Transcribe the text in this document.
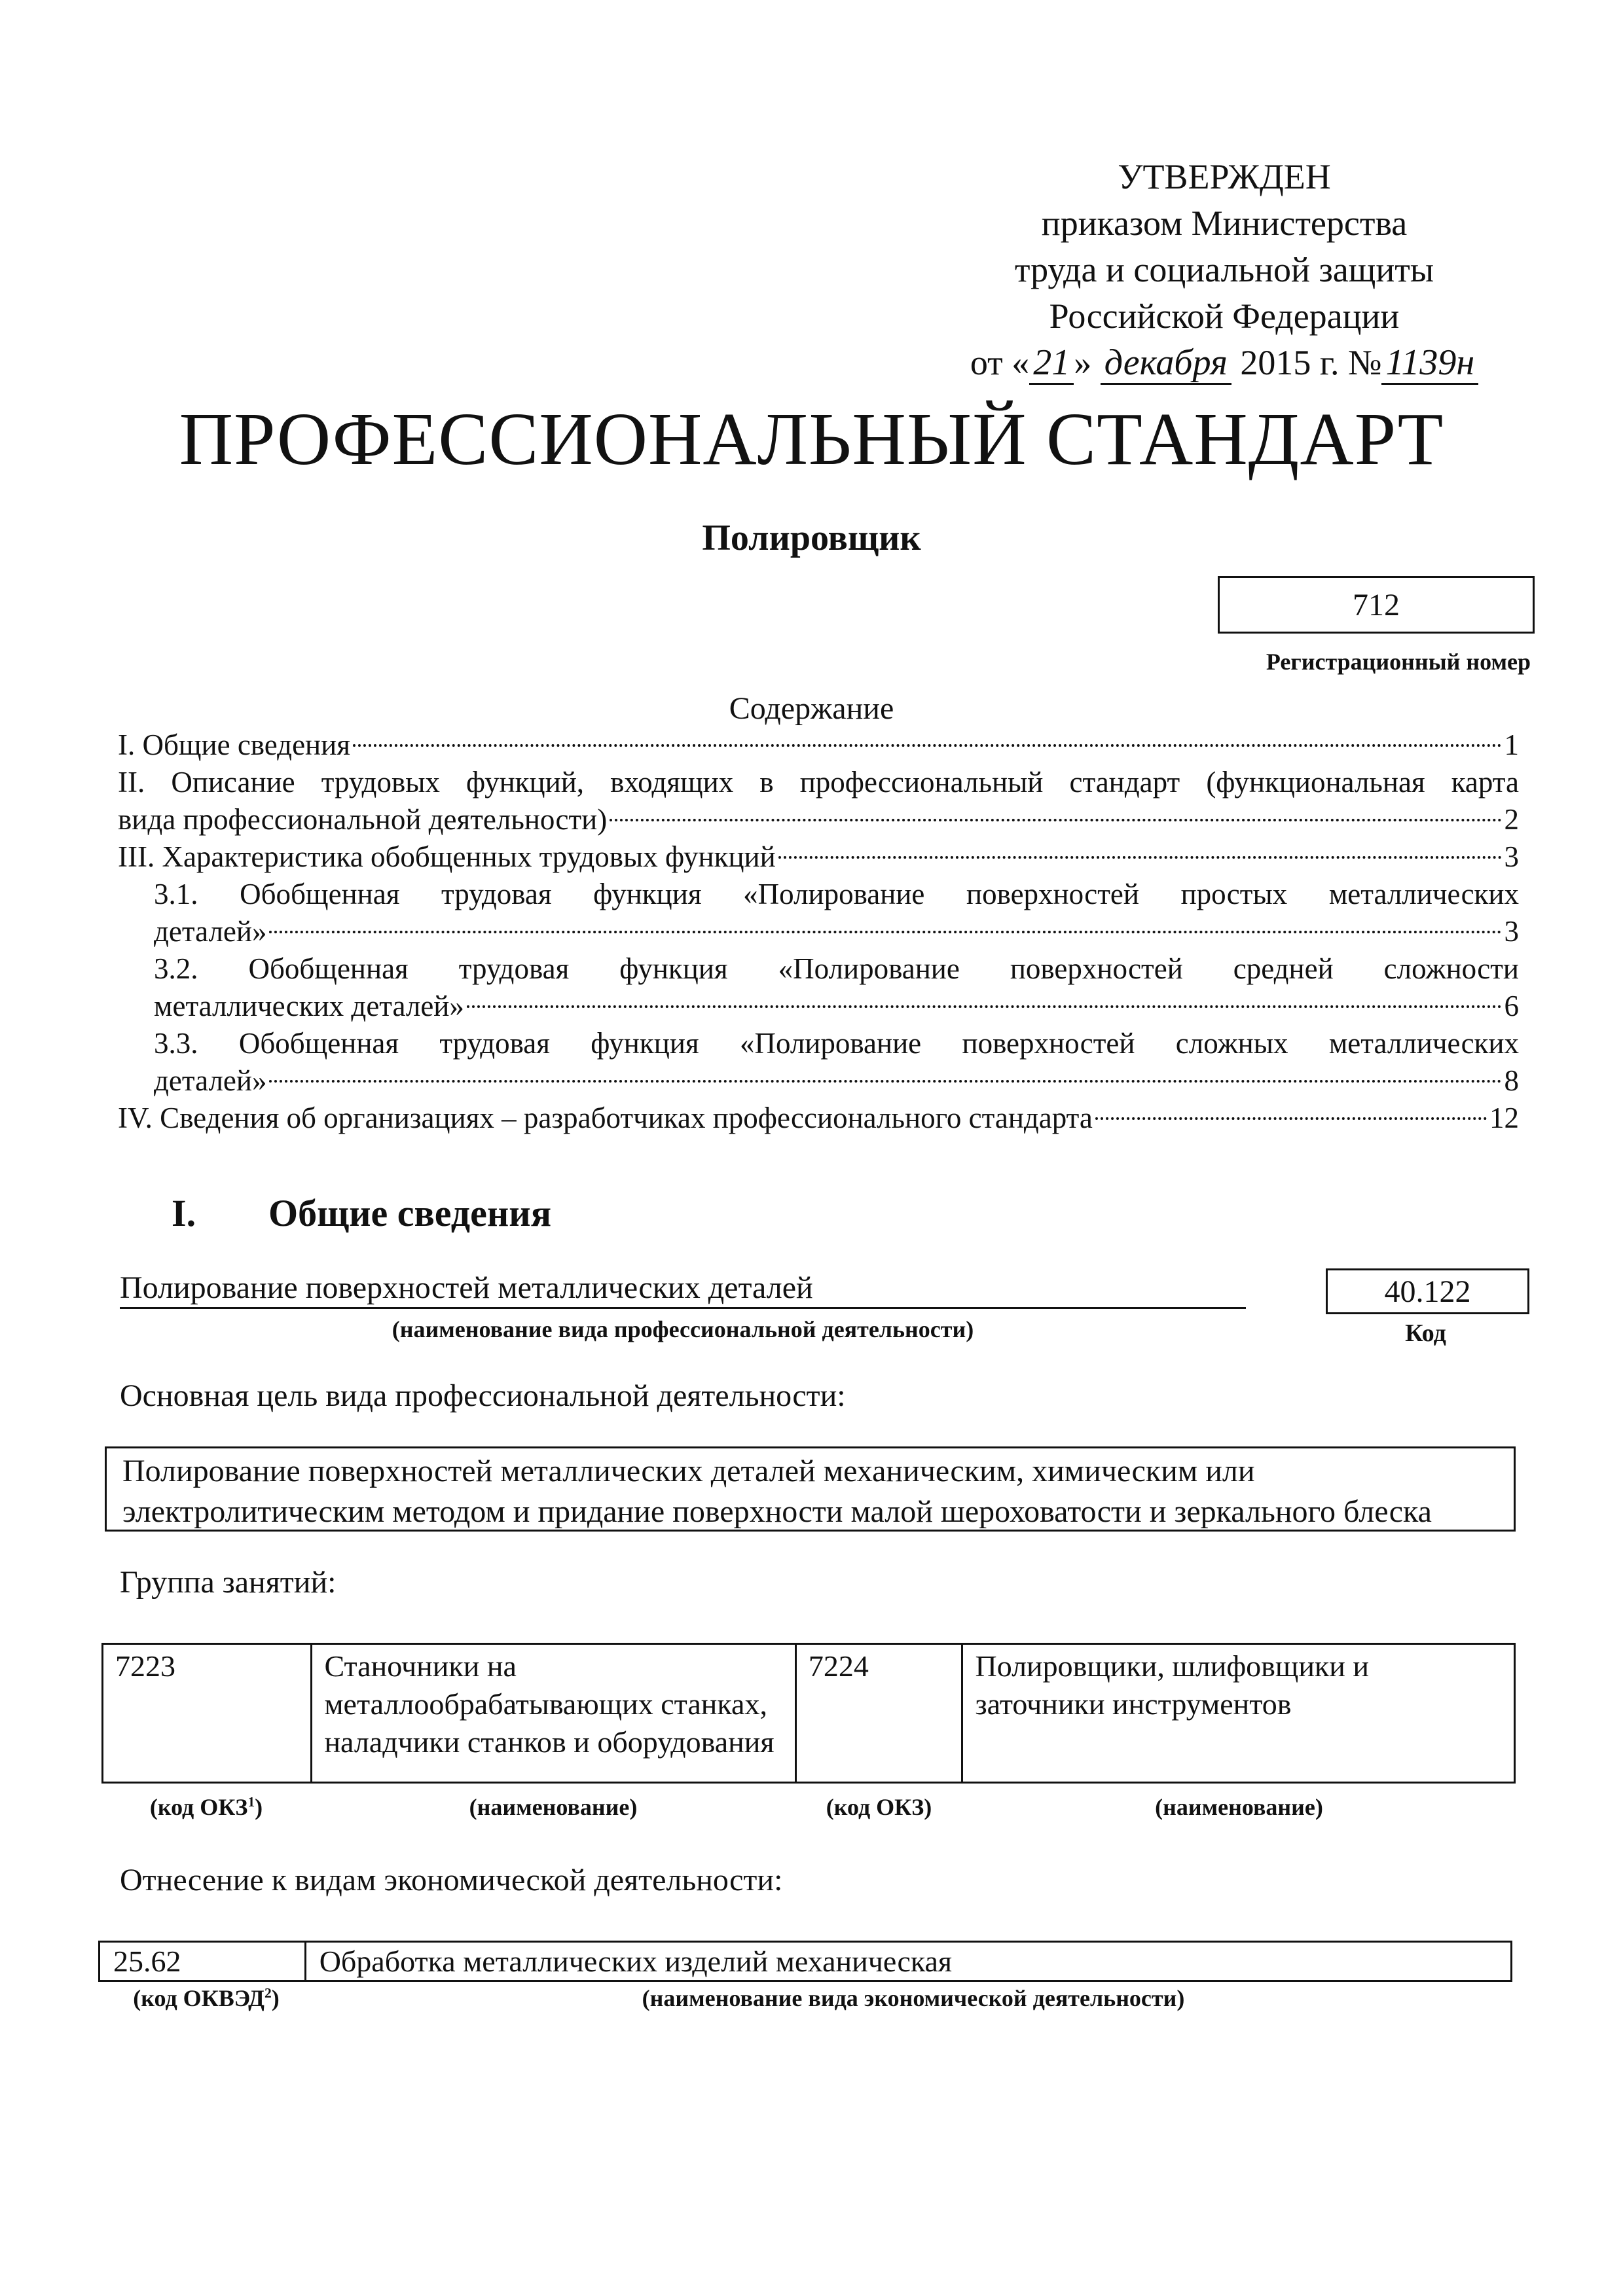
УТВЕРЖДЕН
приказом Министерства
труда и социальной защиты
Российской Федерации
от « 21 » декабря 2015 г. № 1139н
ПРОФЕССИОНАЛЬНЫЙ СТАНДАРТ
Полировщик
712
Регистрационный номер
Содержание
I. Общие сведения	1
II. Описание трудовых функций, входящих в профессиональный стандарт (функциональная карта
вида профессиональной деятельности)	2
III. Характеристика обобщенных трудовых функций	3
3.1. Обобщенная трудовая функция «Полирование поверхностей простых металлических
деталей»	3
3.2. Обобщенная трудовая функция «Полирование поверхностей средней сложности
металлических деталей»	6
3.3. Обобщенная трудовая функция «Полирование поверхностей сложных металлических
деталей»	8
IV. Сведения об организациях – разработчиках профессионального стандарта	12
I. Общие сведения
Полирование поверхностей металлических деталей
(наименование вида профессиональной деятельности)
40.122
Код
Основная цель вида профессиональной деятельности:
Полирование поверхностей металлических деталей механическим, химическим или
электролитическим методом и придание поверхности малой шероховатости и зеркального блеска
Группа занятий:
7223	Станочники на металлообрабатывающих станках, наладчики станков и оборудования	7224	Полировщики, шлифовщики и заточники инструментов
(код ОКЗ$^1$)	(наименование)	(код ОКЗ)	(наименование)
Отнесение к видам экономической деятельности:
25.62	Обработка металлических изделий механическая
(код ОКВЭД$^2$)	(наименование вида экономической деятельности)
